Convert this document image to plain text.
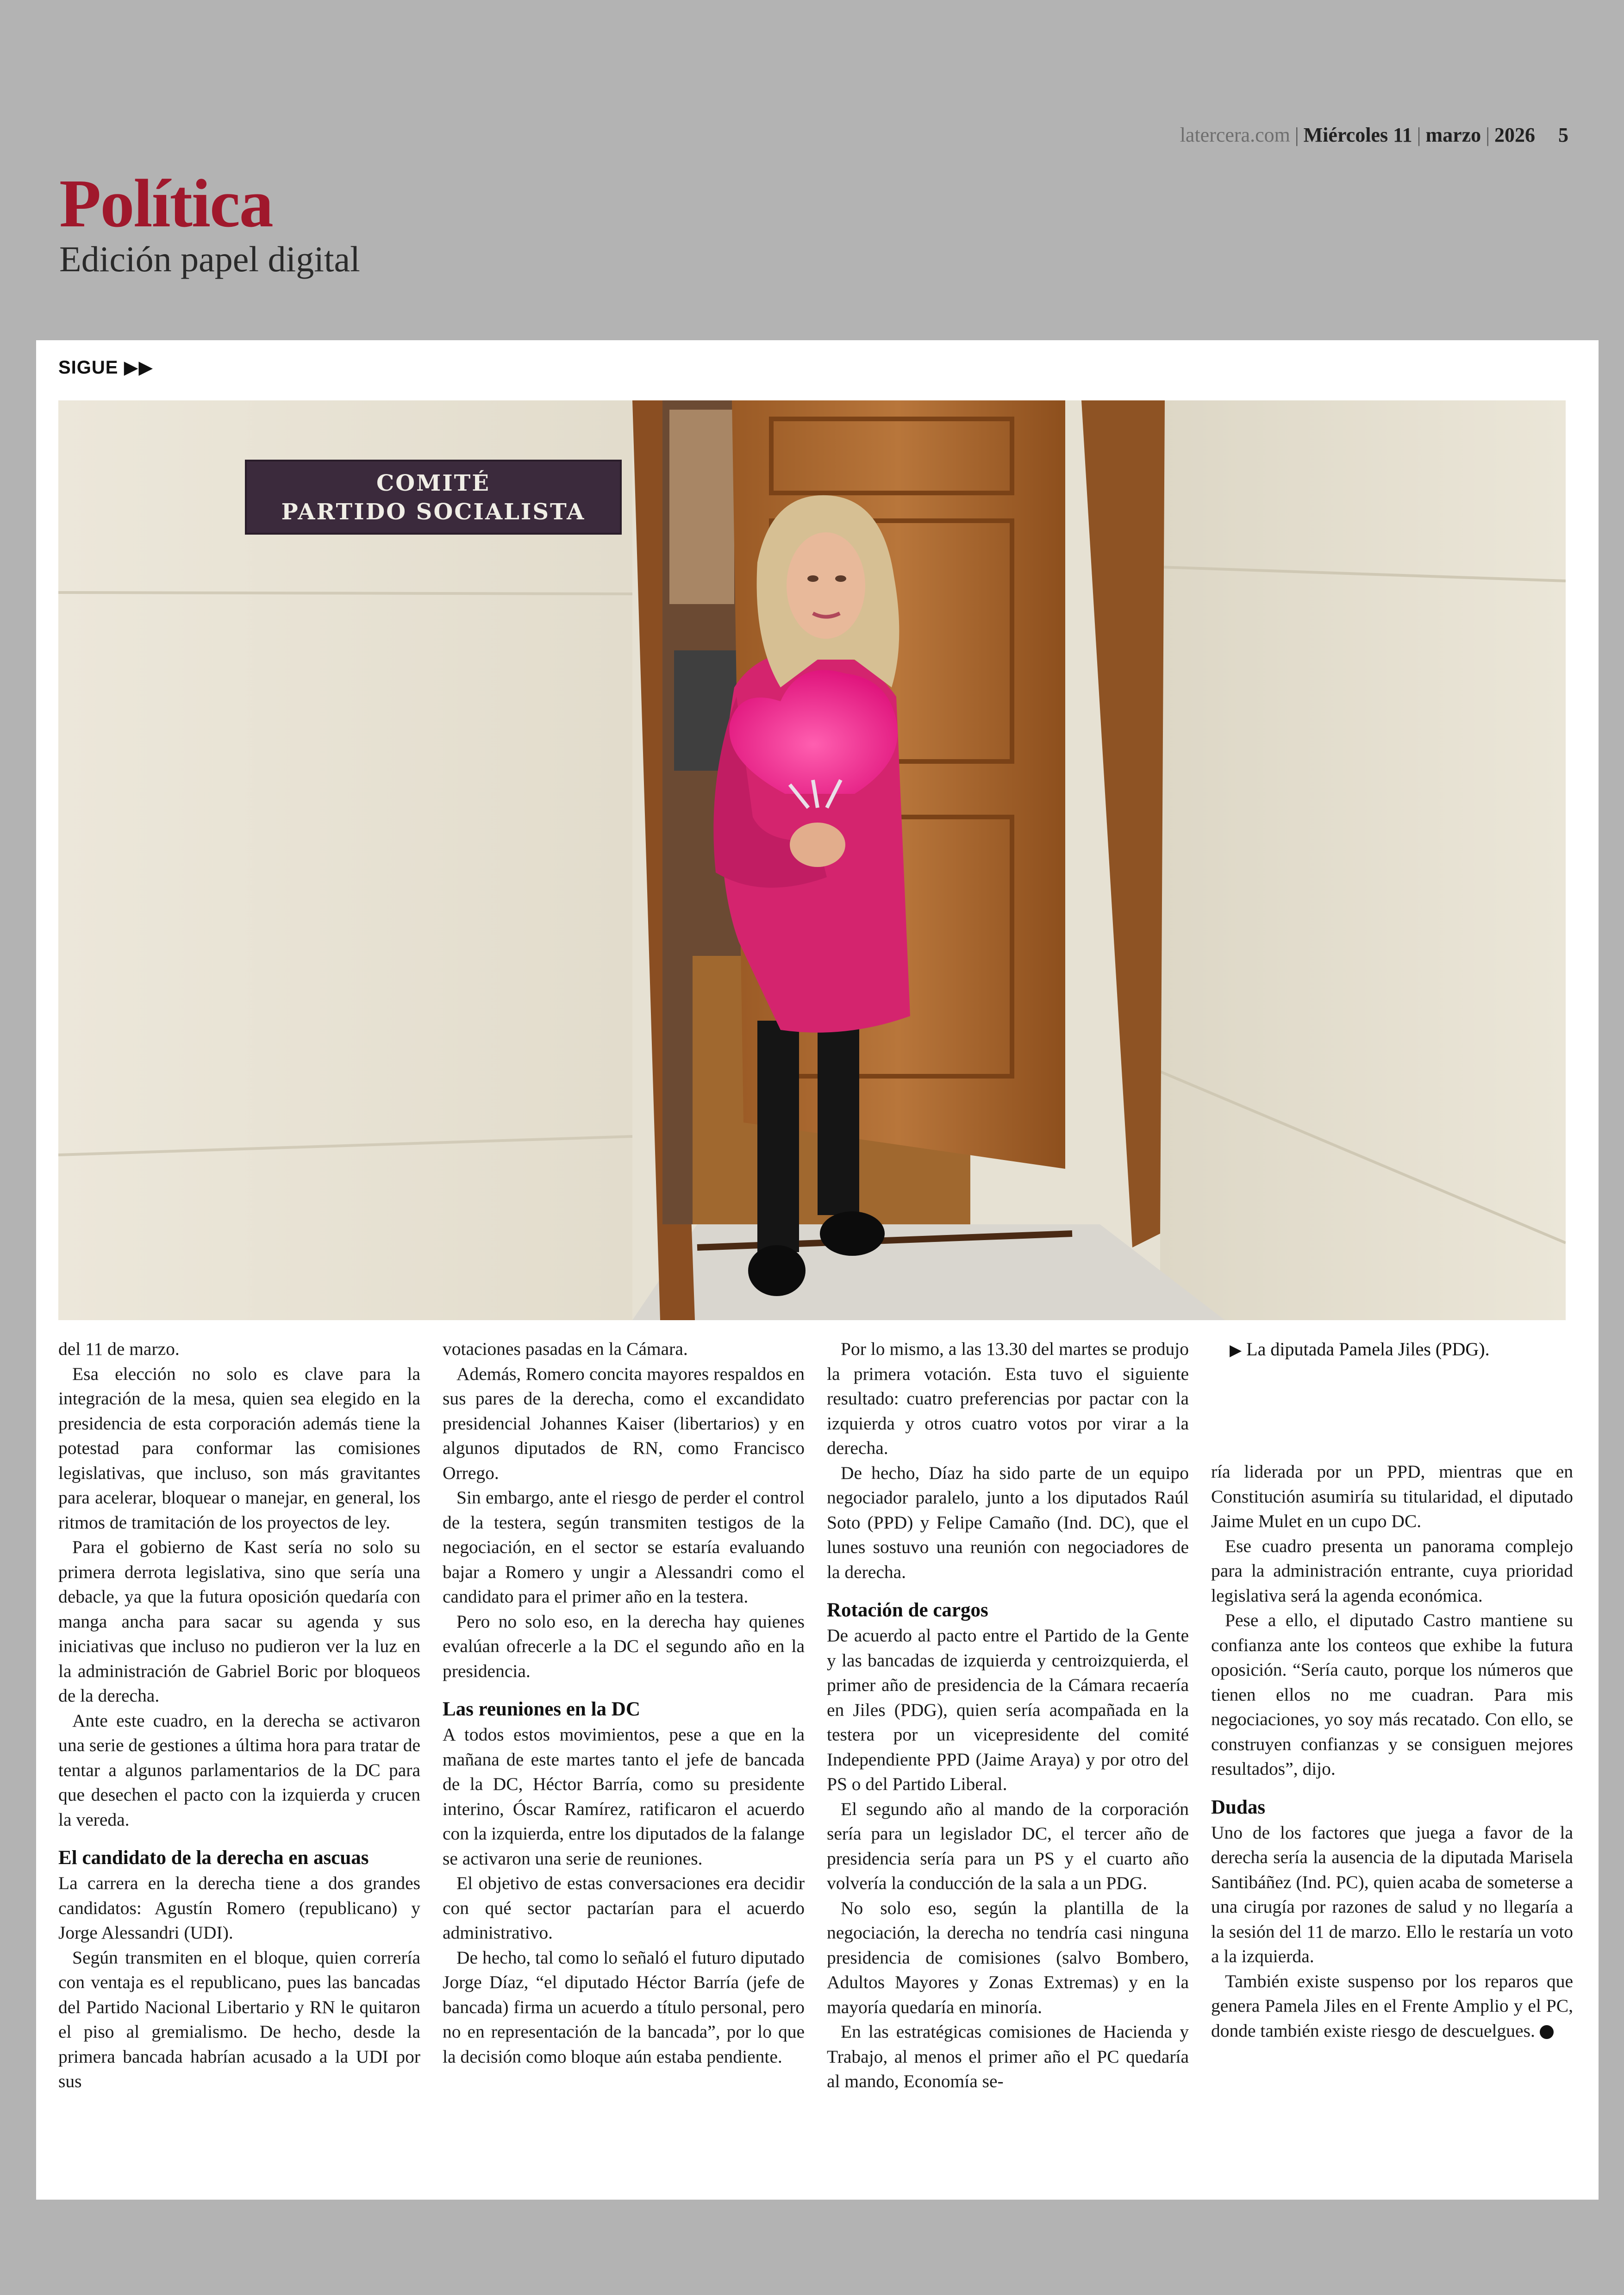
latercera.com | Miércoles 11 | marzo | 2026 5
Política
Edición papel digital
SIGUE ▶▶
COMITÉ
PARTIDO SOCIALISTA

del 11 de marzo.

Esa elección no solo es clave para la integración de la mesa, quien sea elegido en la presidencia de esta corporación además tiene la potestad para conformar las comisiones legislativas, que incluso, son más gravitantes para acelerar, bloquear o manejar, en general, los ritmos de tramitación de los proyectos de ley.

Para el gobierno de Kast sería no solo su primera derrota legislativa, sino que sería una debacle, ya que la futura oposición quedaría con manga ancha para sacar su agenda y sus iniciativas que incluso no pudieron ver la luz en la administración de Gabriel Boric por bloqueos de la derecha.

Ante este cuadro, en la derecha se activaron una serie de gestiones a última hora para tratar de tentar a algunos parlamentarios de la DC para que desechen el pacto con la izquierda y crucen la vereda.

El candidato de la derecha en ascuas

La carrera en la derecha tiene a dos grandes candidatos: Agustín Romero (republicano) y Jorge Alessandri (UDI).

Según transmiten en el bloque, quien correría con ventaja es el republicano, pues las bancadas del Partido Nacional Libertario y RN le quitaron el piso al gremialismo. De hecho, desde la primera bancada habrían acusado a la UDI por sus

votaciones pasadas en la Cámara.

Además, Romero concita mayores respaldos en sus pares de la derecha, como el excandidato presidencial Johannes Kaiser (libertarios) y en algunos diputados de RN, como Francisco Orrego.

Sin embargo, ante el riesgo de perder el control de la testera, según transmiten testigos de la negociación, en el sector se estaría evaluando bajar a Romero y ungir a Alessandri como el candidato para el primer año en la testera.

Pero no solo eso, en la derecha hay quienes evalúan ofrecerle a la DC el segundo año en la presidencia.

Las reuniones en la DC

A todos estos movimientos, pese a que en la mañana de este martes tanto el jefe de bancada de la DC, Héctor Barría, como su presidente interino, Óscar Ramírez, ratificaron el acuerdo con la izquierda, entre los diputados de la falange se activaron una serie de reuniones.

El objetivo de estas conversaciones era decidir con qué sector pactarían para el acuerdo administrativo.

De hecho, tal como lo señaló el futuro diputado Jorge Díaz, “el diputado Héctor Barría (jefe de bancada) firma un acuerdo a título personal, pero no en representación de la bancada”, por lo que la decisión como bloque aún estaba pendiente.

Por lo mismo, a las 13.30 del martes se produjo la primera votación. Esta tuvo el siguiente resultado: cuatro preferencias por pactar con la izquierda y otros cuatro votos por virar a la derecha.

De hecho, Díaz ha sido parte de un equipo negociador paralelo, junto a los diputados Raúl Soto (PPD) y Felipe Camaño (Ind. DC), que el lunes sostuvo una reunión con negociadores de la derecha.

Rotación de cargos

De acuerdo al pacto entre el Partido de la Gente y las bancadas de izquierda y centroizquierda, el primer año de presidencia de la Cámara recaería en Jiles (PDG), quien sería acompañada en la testera por un vicepresidente del comité Independiente PPD (Jaime Araya) y por otro del PS o del Partido Liberal.

El segundo año al mando de la corporación sería para un legislador DC, el tercer año de presidencia sería para un PS y el cuarto año volvería la conducción de la sala a un PDG.

No solo eso, según la plantilla de la negociación, la derecha no tendría casi ninguna presidencia de comisiones (salvo Bombero, Adultos Mayores y Zonas Extremas) y en la mayoría quedaría en minoría.

En las estratégicas comisiones de Hacienda y Trabajo, al menos el primer año el PC quedaría al mando, Economía se-

▶ La diputada Pamela Jiles (PDG).

ría liderada por un PPD, mientras que en Constitución asumiría su titularidad, el diputado Jaime Mulet en un cupo DC.

Ese cuadro presenta un panorama complejo para la administración entrante, cuya prioridad legislativa será la agenda económica.

Pese a ello, el diputado Castro mantiene su confianza ante los conteos que exhibe la futura oposición. “Sería cauto, porque los números que tienen ellos no me cuadran. Para mis negociaciones, yo soy más recatado. Con ello, se construyen confianzas y se consiguen mejores resultados”, dijo.

Dudas

Uno de los factores que juega a favor de la derecha sería la ausencia de la diputada Marisela Santibáñez (Ind. PC), quien acaba de someterse a una cirugía por razones de salud y no llegaría a la sesión del 11 de marzo. Ello le restaría un voto a la izquierda.

También existe suspenso por los reparos que genera Pamela Jiles en el Frente Amplio y el PC, donde también existe riesgo de descuelgues.
